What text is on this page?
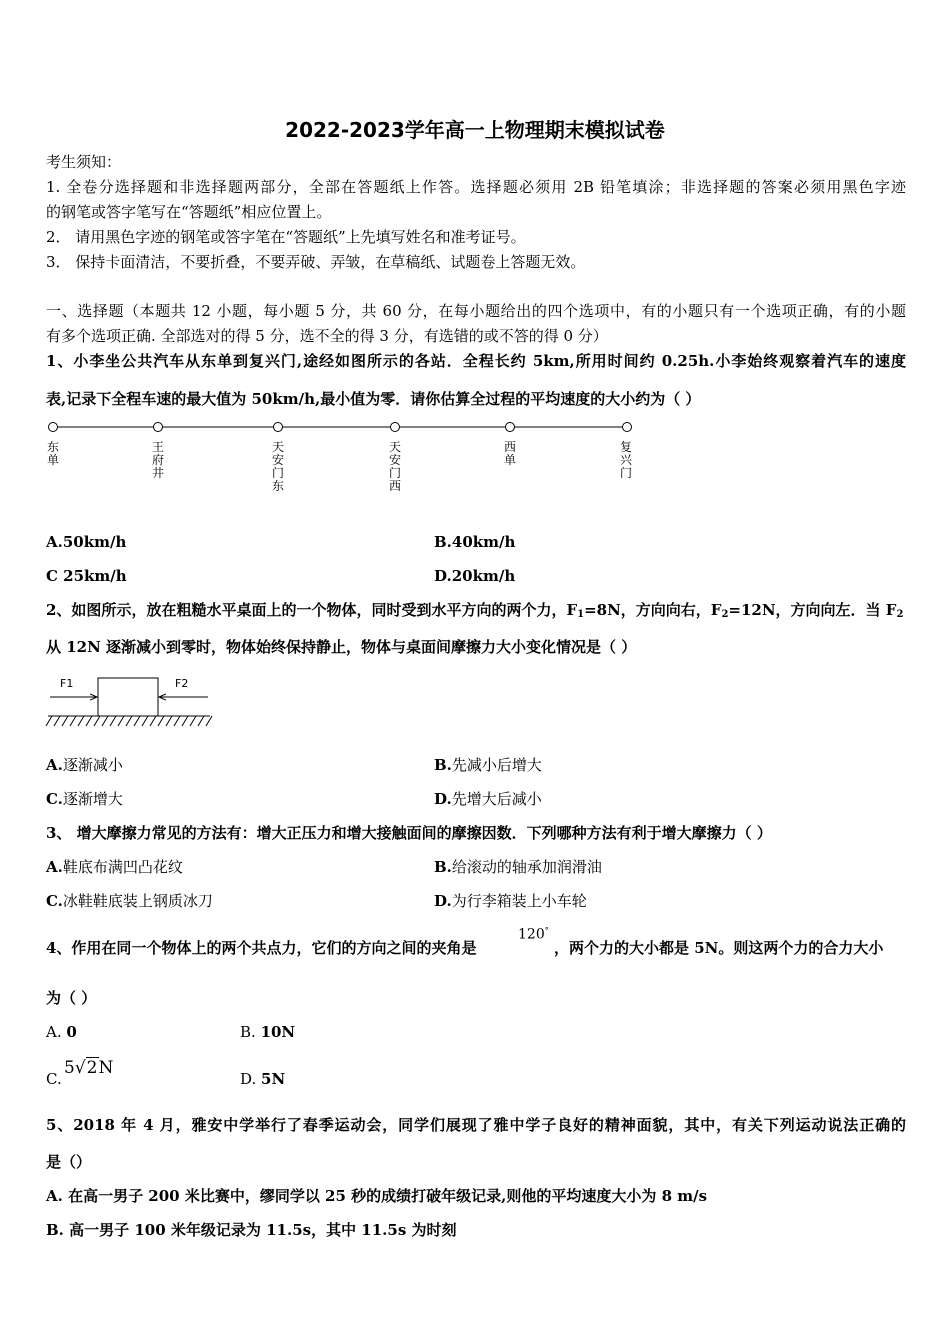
2022-2023学年高一上物理期末模拟试卷
考生须知：
1. 全卷分选择题和非选择题两部分，全部在答题纸上作答。选择题必须用 2B 铅笔填涂；非选择题的答案必须用黑色字迹
的钢笔或答字笔写在“答题纸”相应位置上。
2． 请用黑色字迹的钢笔或答字笔在“答题纸”上先填写姓名和准考证号。
3． 保持卡面清洁，不要折叠，不要弄破、弄皱，在草稿纸、试题卷上答题无效。
一、选择题（本题共 12 小题，每小题 5 分，共 60 分，在每小题给出的四个选项中，有的小题只有一个选项正确，有的小题
有多个选项正确. 全部选对的得 5 分，选不全的得 3 分，有选错的或不答的得 0 分）
1、小李坐公共汽车从东单到复兴门,途经如图所示的各站．全程长约 5km,所用时间约 0.25h.小李始终观察着汽车的速度
表,记录下全程车速的最大值为 50km/h,最小值为零．请你估算全过程的平均速度的大小约为（ ）
东单
王府井
天安门东
天安门西
西单
复兴门
A.50km/h	B.40km/h
C 25km/h	D.20km/h
2、如图所示，放在粗糙水平桌面上的一个物体，同时受到水平方向的两个力，$F_1=8N$，方向向右，$F_2=12N$，方向向左．当 $F_2$
从 12N 逐渐减小到零时，物体始终保持静止，物体与桌面间摩擦力大小变化情况是（ ）
F1	F2
A.逐渐减小	B.先减小后增大
C.逐渐增大	D.先增大后减小
3、 增大摩擦力常见的方法有：增大正压力和增大接触面间的摩擦因数．下列哪种方法有利于增大摩擦力（ ）
A.鞋底布满凹凸花纹	B.给滚动的轴承加润滑油
C.冰鞋鞋底装上钢质冰刀	D.为行李箱装上小车轮
4、作用在同一个物体上的两个共点力，它们的方向之间的夹角是
120°
，两个力的大小都是 5N。则这两个力的合力大小
为（ ）
A. 0	B. 10N
C.
5√2N
D. 5N
5、2018 年 4 月，雅安中学举行了春季运动会，同学们展现了雅中学子良好的精神面貌，其中，有关下列运动说法正确的
是（）
A. 在高一男子 200 米比赛中，缪同学以 25 秒的成绩打破年级记录,则他的平均速度大小为 8 m/s
B. 高一男子 100 米年级记录为 11.5s，其中 11.5s 为时刻
